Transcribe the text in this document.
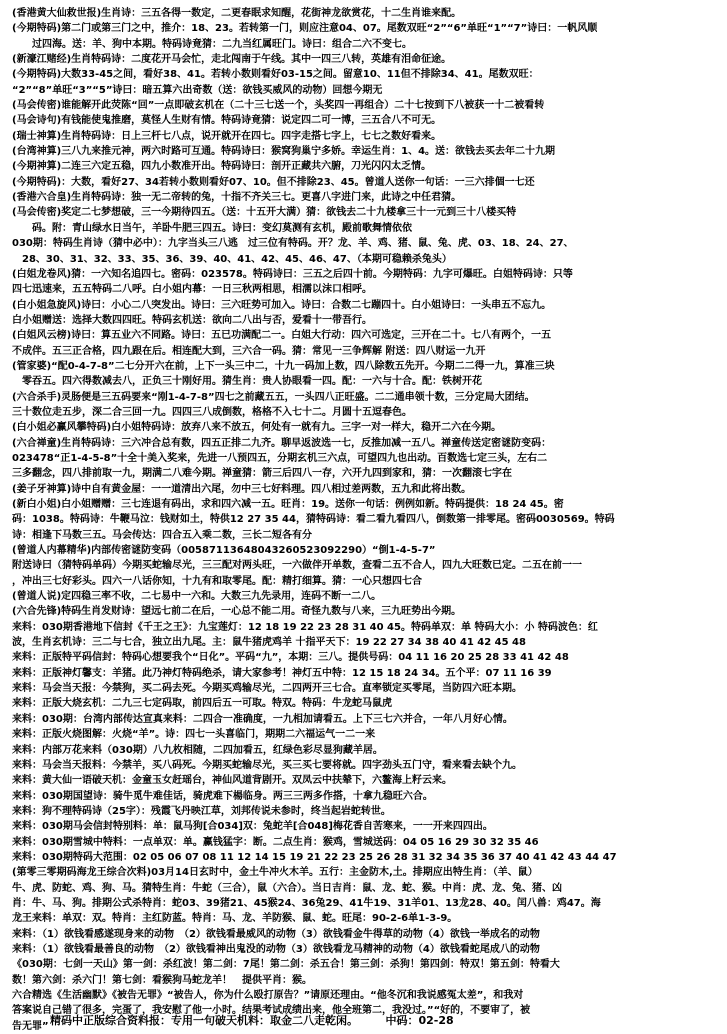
(香港黄大仙救世报)生肖诗：三五各得一数定，二更春眠求知醒，花街神龙欲赏花，十二生肖谁来配。
(今期特码)第二门或第三门之中，推介：18、23。若转第一门，则应注意04、07。尾数双旺“2”“6”单旺“1”“7”诗曰：一帆风顺
　　过四海。送：羊、狗中本期。特码诗竟猜：二九当红属旺门。诗曰：组合二六不变七。
(新濠江赌经)生肖特码诗：二度花开马会忙，走北闯南于午线。其中一四三八转，英雄有泪命征途。
(今期特码)大数33-45之间，看好38、41。若转小数则看好03-15之间。留意10、11但不排除34、41。尾数双旺：
“2”“8”单旺“3”“5”诗曰：暗五算六出奇数（送：欲钱买威风的动物）回想今期无
(马会传密)谁能解开此荧陈“回”一点即破玄机在（二十三七送一个，头奖四一再组合）二十七按到下八被获一十二被看转
(马会诗句)有钱能使鬼推磨，莫怪人生财有情。特码诗竟猜：说定四二可一博，三五合八不可无。
(瑞士神算)生肖特码诗：日上三杆七八点，说开就开在四七。四字走搭七字上，七七之数好看来。
(台湾神算)三八九来推元神，两六时路可互通。特码诗曰：猴窝狗巢宁多娇。幸运生肖：1、4。送：欲钱去买去年二十九期
(今期神算)二连三六定五稳，四九小数准开出。特码诗曰：剖开正藏共六腑，刀光闪闪太乏情。
(今期特码)：大数，看好27、34若转小数则看好07、10。但不排除23、45。曾道人送你一句话：一三六排個一七还
(香港六合皇)生肖特码诗：独一无二帝转的兔，十指不齐关三七。更喜八字进门来，此诗之中任君猜。
(马会传密)奖定二七梦想破，三一今期待四五。（送：十五开大满）猜：欲钱去二十九楼拿三十一元到三十八楼买特
　　码。附：青山绿水日当午，羊卧牛肥三四五。诗曰：变幻莫测有玄机，殿前歌舞情依依
030期：特码生肖诗（猜中必中）：九字当头三八逃　过三位有特码。开？龙、羊、鸡、猪、鼠、兔、虎、03、18、24、27、
　28、30、31、32、33、35、36、39、40、41、42、45、46、47、（本期可稳赖杀兔头）
(白姐龙卷风)猜：一六知名追四七。密码：023578。特码诗曰：三五之后四十前。今期特码：九字可爆旺。白姐特码诗：只等
四七迅速来，五五特码二八呼。白小姐内幕：一日三秋两相思，相濡以沫口相呼。
(白小姐急旋风)诗曰：小心二八突发出。诗曰：三六旺势可加入。诗曰：合数二七蹦四十。白小姐诗曰：一头串五不忘九。
白小姐赠送：选择大数四四旺。特码玄机送：欲向二八出与否，爱看十一带吾行。
(白姐风云榜)诗曰：算五业六不同路。诗曰：五已功满配二一。白姐大行动：四六可选定，三开在二十。七八有两个，一五
不成伴。五三正合格，四九跟在后。相连配大到，三六合一码。猜：常见一三争辉解 附送：四八财运一九开
(管家婆)“配0-4-7-8”二七分开六在前，上下一头三中二，十九一码加上数，四八除数五先开。今期二二得一九，算准三块
　零吞五。四六得数减去八，正负三十刚好用。猜生肖：贵人协眼看一四。配：一六与十合。配：铁树开花
(六合杀手)灵肠便是三五码要来“刚1-4-7-8”四七之前藏五五，一头四八正旺盛。二二通串领十数，三分定局大团结。
三十数位走五步，深二合三回一九。四四三八成倒数，格格不入七十二。月圆十五逗春色。
(白小姐必赢风攀特码)白小姐特码诗：放弃八来不放五，何处有一就有九。三字一对一样大，稳开二六在今期。
(六合禅童)生肖特码诗：三六冲合总有数，四五正排二九齐。聊早返波选一七，反推加减一五八。禅童传送定密谜防变码：
023478“正1-4-5-8”十全十美入奖来，先进一八预四五，分期玄机三六点，可望四九也出动。百数选七定三头，左右二
三多翻念，四八排前取一九，期满二八难今期。禅童猜：箭三后四八一存，六开九四到家和，猜：一次翻滚七字在
(姜子牙神算)诗中自有黄金屋：一一道清出六尾，勿中三七好料理。四八相过差两数，五九和此将出数。
(新白小姐)白小姐赠赠：三七连退有码出，求和四六减一五。旺肖：19。送你一句话：例例如新。特码提供：18 24 45。密
码：1038。特码诗：牛鞭马泣：钱财如土，特供12 27 35 44，猜特码诗：看二看九看四八，倒数第一排零尾。密码0030569。特码
诗：相逢下马数三五。马会传达：四合五入乘二数，三长二短各有分
(曾道人内幕精华)内部传密谜防变码（00587113648043260523092290）“倒1-4-5-7”
附送诗曰（猜特码单码）今期买蛇输尽光，三三配对两头旺，一六做伴开单数，查看二五不合人，四九大旺数已定。二五在前一一
，冲出三七好彩头。四六一八话你知，十九有和取零尾。配：精打细算。猜：一心只想四七合
(曾道人说)定四稳三率不收，二七易中一六和。大数三九先录用，连码不断一二八。
(六合先锋)特码生肖发财诗：望远七前二在后，一心总不能二用。奇怪九数与八来，三九旺势出今期。
来料：030期香港地下信封《千王之王》：九宝莲灯：12 18 19 22 23 28 31 40 45。特码单双：单 特码大小：小 特码波色：红
波，生肖玄机诗：三二与七合，独立出九尾。主：鼠牛猪虎鸡羊 十指平天下：19 22 27 34 38 40 41 42 45 48
来料：正版特平码信封：特码心想要我个“日化”。平码“九”，本期：三八。提供号码：04 11 16 20 25 28 33 41 42 48
来料：正版神灯馨支：羊猪。此乃神灯特码绝杀，请大家参考！神灯五中特：12 15 18 24 34。五个平：07 11 16 39
来料：马会当天报：今禁狗，买二码去死。今期买鸡输尽光，二四两开三七合。直率锁定买零尾，当防四六旺本期。
来料：正版大烧玄机：二九三七定码取，前四后五一可取。特双。特码：牛龙蛇马鼠虎
来料：030期：台湾内部传达宣真来料：二四合一准确度，一九相加请看五。上下三七六并合，一年八月好心情。
来料：正版火烧图解：火烧“羊”。诗：四七一头喜临门，期期二六福运气一二一来
来料：内部万花来料（030期）八九枚相随，二四加看五，红绿色彩尽显狗藏羊居。
来料：马会当天报料：今禁羊，买八码死。今期买蛇输尽光，买三买七要将就。四字劲头五门守，看来看去缺个九。
来料：黄大仙一语破天机：金童玉女赶瑶台，神仙风道背剧开。双凤云中扶辇下，六鳌海上籽云来。
来料：030期国望诗：骑牛觅牛难佳话，骑虎难下楊临身。两三三两多作搭，十拿九稳旺六合。
来料：狗不理特码诗（25字）：残霞飞丹映江草，刘邦传说未参时，终当起岩蛇转世。
来料：030期马会信封特别料：单：鼠马狗[合034]双：兔蛇羊[合048]梅花香自苦寒来，一一开来四四出。
来料：030期雪城中特料：一点单双：单。赢钱猛字：断。二点生肖：猴鸡，雪城送码：04 05 16 29 30 32 35 46
来料：030期特码大范围：02 05 06 07 08 11 12 14 15 19 21 22 23 25 26 28 31 32 34 35 36 37 40 41 42 43 44 47
(第零三零期码海龙王综合次料)03月14日玄时中，金土牛冲火木羊。五行：主金防木,土。排期应出特生肖：（羊、鼠）
牛、虎、防蛇、鸡、狗、马。猜特生肖：牛蛇（三合），鼠（六合）。当日吉肖：鼠、龙、蛇、猴。中肖：虎、龙、兔、猪、凶
肖：牛、马、狗。排期公式杀特肖：蛇03、39猪21、45猴24、36兔29、41牛19、31羊01、13龙28、40。闰八兽：鸡47。海
龙王来料：单双：双。特肖：主红防蓝。特肖：马、龙、羊防猴、鼠、蛇。旺尾：90-2-6单1-3-9。
来料：（1）欲钱看感遂现身来的动物　（2）欲钱看最威风的动物（3）欲钱看金牛得草的动物（4）欲钱一举成名的动物
来料：（1）欲钱看最善良的动物　（2）欲钱看神出鬼没的动物（3）欲钱看龙马精神的动物（4）欲钱看蛇尾成八的动物
《030期：七剑一天山》第一剑：杀红波！第二剑：7尾！第二剑：杀五合！第三剑：杀狗！第四剑：特双！第五剑：特看大
数！第六剑：杀六门！第七剑：看猴狗马蛇龙羊！　提供平肖：猴。
六合精选《生活幽默》《被告无罪》“被告人，你为什么殴打原告？”请原还理由。“他冬沉和我说感冤太差”，和我对
答案说自己错了很多，完蛋了，我安慰了他一小时。结果考试成绩出来，他全班第二，我没过。”“好的，不要审了，被
告无罪” 精码中正版综合资料报：专用一句破天机料：取金二八走乾闲。　　　中码：02-28
